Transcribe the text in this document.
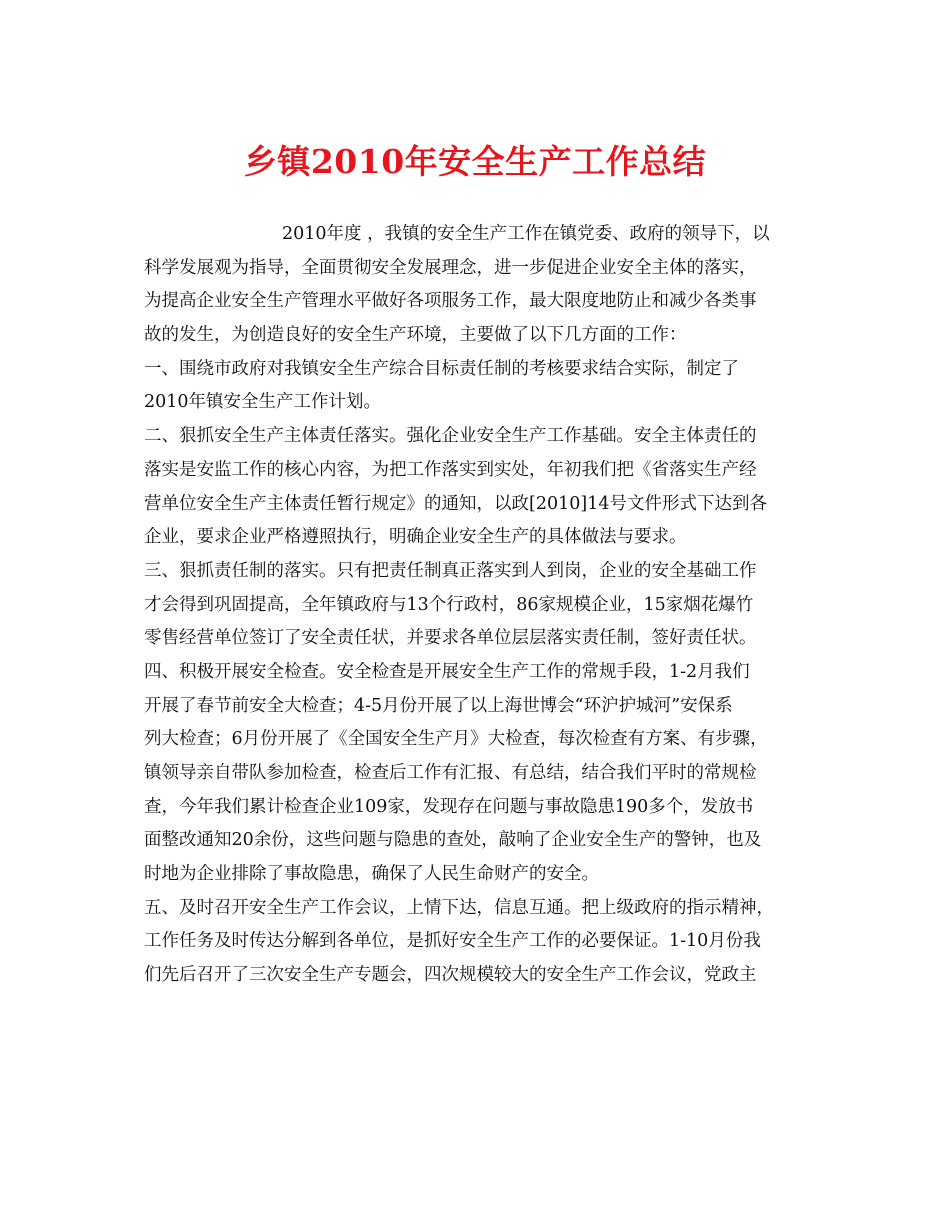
乡镇2010年安全生产工作总结
2010年度 ，我镇的安全生产工作在镇党委、政府的领导下，以
科学发展观为指导，全面贯彻安全发展理念，进一步促进企业安全主体的落实，
为提高企业安全生产管理水平做好各项服务工作，最大限度地防止和减少各类事
故的发生，为创造良好的安全生产环境，主要做了以下几方面的工作：
一、围绕市政府对我镇安全生产综合目标责任制的考核要求结合实际，制定了
2010年镇安全生产工作计划。
二、狠抓安全生产主体责任落实。强化企业安全生产工作基础。安全主体责任的
落实是安监工作的核心内容，为把工作落实到实处，年初我们把《省落实生产经
营单位安全生产主体责任暂行规定》的通知，以政[2010]14号文件形式下达到各
企业，要求企业严格遵照执行，明确企业安全生产的具体做法与要求。
三、狠抓责任制的落实。只有把责任制真正落实到人到岗，企业的安全基础工作
才会得到巩固提高，全年镇政府与13个行政村，86家规模企业，15家烟花爆竹
零售经营单位签订了安全责任状，并要求各单位层层落实责任制，签好责任状。
四、积极开展安全检查。安全检查是开展安全生产工作的常规手段，1-2月我们
开展了春节前安全大检查；4-5月份开展了以上海世博会“环沪护城河”安保系
列大检查；6月份开展了《全国安全生产月》大检查，每次检查有方案、有步骤，
镇领导亲自带队参加检查，检查后工作有汇报、有总结，结合我们平时的常规检
查，今年我们累计检查企业109家，发现存在问题与事故隐患190多个，发放书
面整改通知20余份，这些问题与隐患的查处，敲响了企业安全生产的警钟，也及
时地为企业排除了事故隐患，确保了人民生命财产的安全。
五、及时召开安全生产工作会议，上情下达，信息互通。把上级政府的指示精神，
工作任务及时传达分解到各单位，是抓好安全生产工作的必要保证。1-10月份我
们先后召开了三次安全生产专题会，四次规模较大的安全生产工作会议，党政主
